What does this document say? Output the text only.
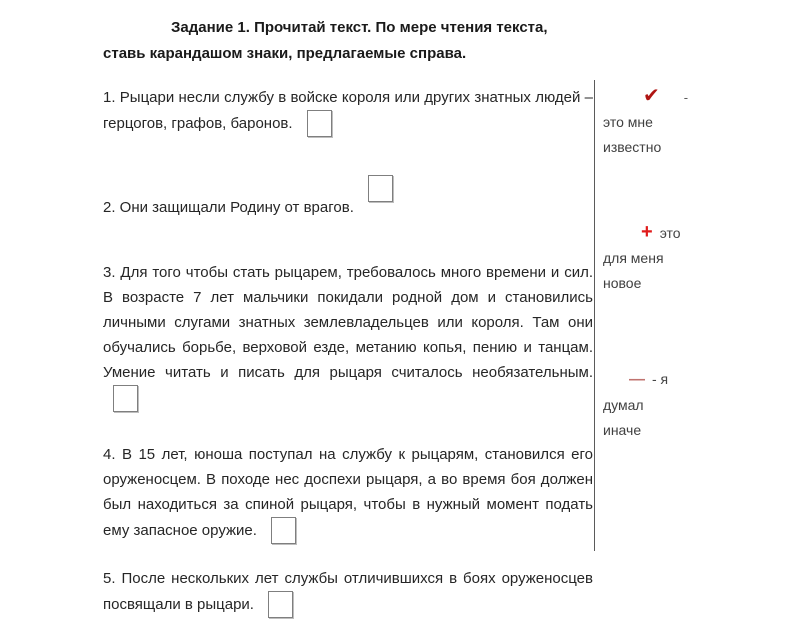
Задание 1. Прочитай текст. По мере чтения текста, ставь карандашом знаки, предлагаемые справа.

1. Рыцари несли службу в войске короля или других знатных людей – герцогов, графов, баронов.

2. Они защищали Родину от врагов.

3. Для того чтобы стать рыцарем, требовалось много времени и сил. В возрасте 7 лет мальчики покидали родной дом и становились личными слугами знатных землевладельцев или короля. Там они обучались борьбе, верховой езде, метанию копья, пению и танцам. Умение читать и писать для рыцаря считалось необязательным.

4. В 15 лет, юноша поступал на службу к рыцарям, становился его оруженосцем. В походе нес доспехи рыцаря, а во время боя должен был находиться за спиной рыцаря, чтобы в нужный момент подать ему запасное оружие.

5. После нескольких лет службы отличившихся в боях оруженосцев посвящали в рыцари.

✔ -
это мне
известно
+ это
для меня
новое
— - я
думал
иначе
